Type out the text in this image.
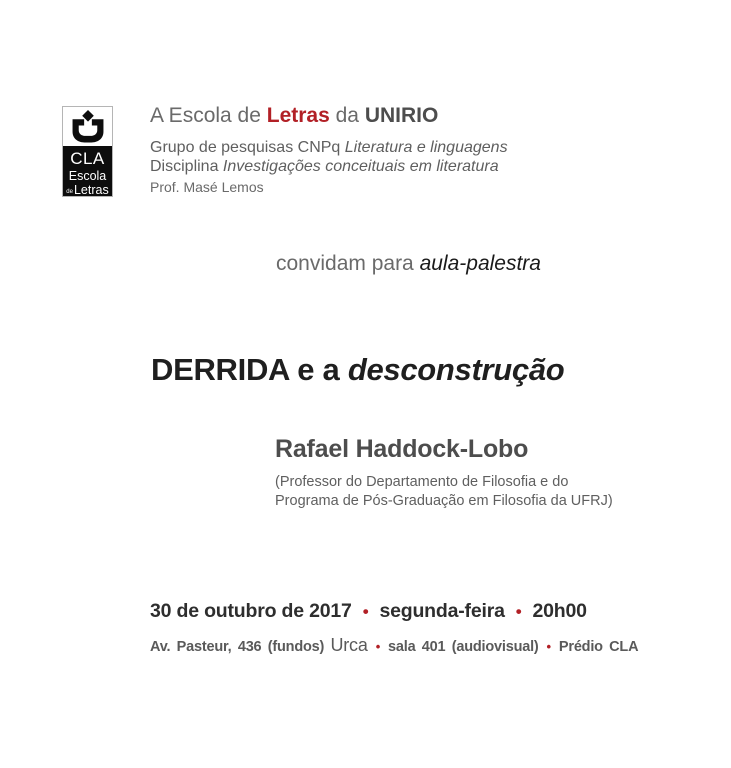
CLA
Escola
deLetras
A Escola de Letras da UNIRIO
Grupo de pesquisas CNPq Literatura e linguagens
Disciplina Investigações conceituais em literatura
Prof. Masé Lemos
convidam para aula-palestra
DERRIDA e a desconstrução
Rafael Haddock-Lobo
(Professor do Departamento de Filosofia e do
Programa de Pós-Graduação em Filosofia da UFRJ)
30 de outubro de 2017 • segunda-feira • 20h00
Av. Pasteur, 436 (fundos) Urca • sala 401 (audiovisual) • Prédio CLA
